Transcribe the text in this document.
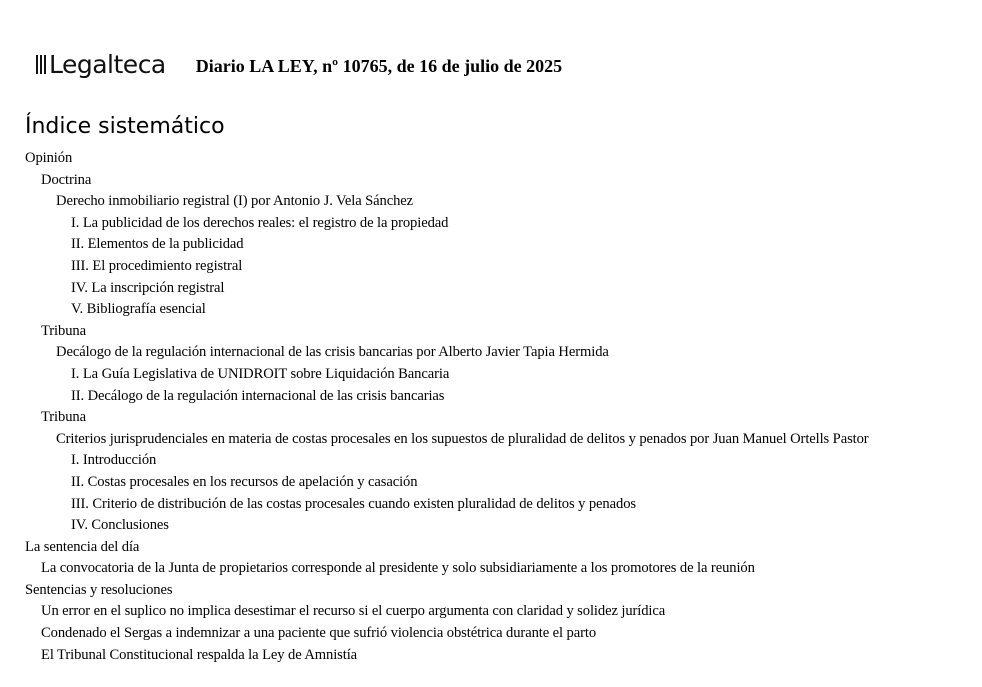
Legalteca Diario LA LEY, nº 10765, de 16 de julio de 2025
Índice sistemático
Opinión
Doctrina
Derecho inmobiliario registral (I) por Antonio J. Vela Sánchez
I. La publicidad de los derechos reales: el registro de la propiedad
II. Elementos de la publicidad
III. El procedimiento registral
IV. La inscripción registral
V. Bibliografía esencial
Tribuna
Decálogo de la regulación internacional de las crisis bancarias por Alberto Javier Tapia Hermida
I. La Guía Legislativa de UNIDROIT sobre Liquidación Bancaria
II. Decálogo de la regulación internacional de las crisis bancarias
Tribuna
Criterios jurisprudenciales en materia de costas procesales en los supuestos de pluralidad de delitos y penados por Juan Manuel Ortells Pastor
I. Introducción
II. Costas procesales en los recursos de apelación y casación
III. Criterio de distribución de las costas procesales cuando existen pluralidad de delitos y penados
IV. Conclusiones
La sentencia del día
La convocatoria de la Junta de propietarios corresponde al presidente y solo subsidiariamente a los promotores de la reunión
Sentencias y resoluciones
Un error en el suplico no implica desestimar el recurso si el cuerpo argumenta con claridad y solidez jurídica
Condenado el Sergas a indemnizar a una paciente que sufrió violencia obstétrica durante el parto
El Tribunal Constitucional respalda la Ley de Amnistía
